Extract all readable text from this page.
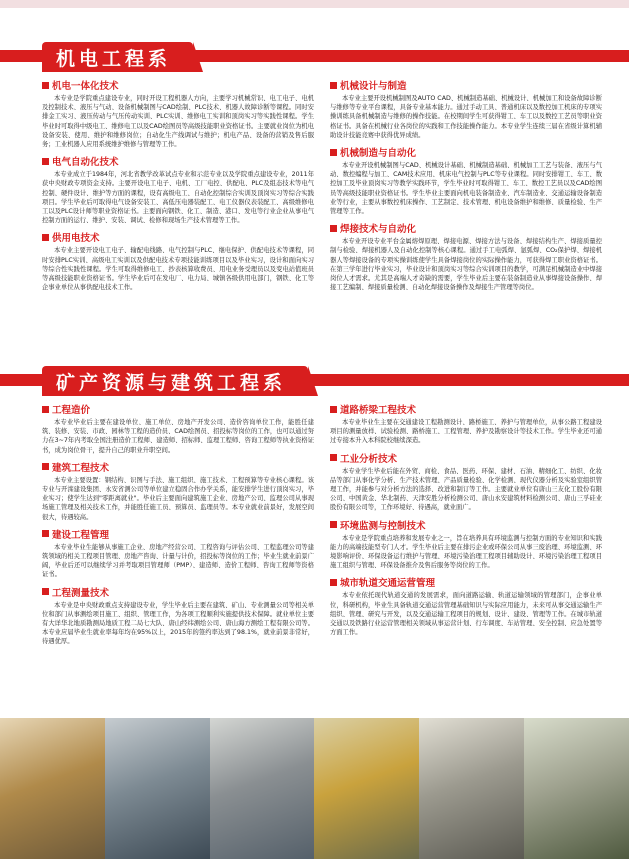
机电工程系
机电一体化技术

本专业是学院重点建设专业，同时开设工程机器人方向，主要学习机械常识、电工电子、电机及控制技术、液压与气动、设备机械制图与CAD绘制、PLC技术、机器人故障诊断等课程。同时安排金工实习、液压传动与气压传动实训、PLC实训、维修电工实训和顶岗实习等实践性课程。学生毕业时可取得中级电工、维修电工以及CAD绘图员等高级技能职业资格证书。主要就业岗位为机电设备安装、使用、维护和维修岗位；自动化生产线调试与维护；机电产品、设备的营销及售后服务；工业机器人应用系统维护维修与管理等工作。

电气自动化技术

本专业成立于1984年，河北省教学改革试点专业和示范专业以及学院重点建设专业，2011年获中央财政专项资金支持。主要开设电工电子、电机、工厂电控、供配电、PLC及组态技术等电气控制、硬件设计、维护等方面的课程，设有高级电工、自动化控制综合实训及顶岗实习等综合实践项目。学生毕业后可取得电气设备安装工、高低压电器装配工、电工仪器仪表装配工、高级维修电工以及PLC设计师等职业资格证书。主要面向钢铁、化工、制造、港口、发电等行业企业从事电气控制方面的运行、维护、安装、调试、检修和现场生产技术管理等工作。

供用电技术

本专业主要开设电工电子、输配电线路、电气控制与PLC、继电保护、供配电技术等课程，同时安排PLC实训、高级电工实训以及供配电技术专项技能训练项目以及毕业实习，设计和面向实习等综合性实践性课程。学生可取得维修电工、抄表核算收费员、用电业务受理员以及变电站值班员等高级技能职业资格证书。学生毕业后可在发电厂、电力局、城镇各级供用电部门，钢铁、化工等企事业单位从事供配电技术工作。

机械设计与制造

本专业主要开设机械制图及AUTO CAD、机械制造基础、机械设计、机械加工和设备故障诊断与维修等专业平台课程，具备专业基本能力。通过手动工具、普通机床以及数控加工机床的专项实操训练具备机械制造与维修的操作技能。在校期间学生可获得钳工、车工以及数控工艺员等职业资格证书。具备在机械行业各岗位的实践和工作技能操作能力。本专业学生连续三届在省级计算机辅助设计技能竞赛中获得优异成绩。

机械制造与自动化

本专业开设机械制图与CAD、机械设计基础、机械制造基础、机械加工工艺与装备、液压与气动、数控编程与加工、CAM技术应用、机床电气控制与PLC等专业课程。同时安排钳工、车工、数控加工及毕业顶岗实习等教学实践环节，学生毕业时可取得钳工、车工、数控工艺员以及CAD绘图员等高级技能职业资格证书。学生毕业主要面向机电装备制造业、汽车制造业、交通运输设备制造业等行业，主要从事数控机床操作、工艺制定、技术管理、机电设备维护和维修、质量检验、生产管理等工作。

焊接技术与自动化

本专业开设专业平台金属熔焊原理、焊接电源、焊接方法与设备、焊接结构生产、焊接质量控制与检验、焊接机器人及自动化控制等核心课程。通过手工电弧焊、氩弧焊、CO₂保护焊、焊接机器人等焊接设备的专项实操训练使学生具备焊接岗位的实际操作能力，可获得焊工职业资格证书。在第三学年进行毕业实习，毕业设计和顶岗实习等综合实训项目的教学，可满足机械制造业中焊接岗位人才需求。尤其是高端人才奇缺的需要，学生毕业后主要在装备制造业从事焊接设备操作、焊接工艺编制、焊接质量检测、自动化焊接设备操作及焊接生产管理等岗位。

矿产资源与建筑工程系
工程造价

本专业毕业后主要在建设单位、施工单位、房地产开发公司、造价咨询单位工作，能胜任建筑、装修、安装、市政、园林等工程的造价员、CAD绘图员、招投标等岗位的工作，也可以通过努力在3~7年内考取全国注册造价工程师、建造师、招标师、监理工程师、咨询工程师等执业资格证书，成为岗位骨干，提升自己的职业升职空间。

建筑工程技术

本专业主要设置：钢结构、识图与手法、施工组织、施工技术、工程预算等专业核心课程。该专业与开滦建设集团、永安省测公司等单位建立稳固合作办学关系，能安排学生进行顶岗实习，毕业实习；使学生达到"零距离就业"。毕业后主要面向建筑施工企业、房地产公司、监理公司从事现场施工管理及相关技术工作，并能胜任施工员、预算员、监理员等。本专业就业前景好，发展空间很大，待遇较高。

建设工程管理

本专业毕业生能够从事施工企业、房地产经营公司、工程咨询与评估公司、工程监理公司等建筑领域的相关工程项目管理、房地产咨询、计量与计价，招投标等岗位的工作；毕业生就业前景广阔，毕业后还可以继续学习并考取项目管理师（PMP）、建造师、造价工程师、咨询工程师等资格证书。

工程测量技术

本专业是中央财政重点支持建设专业，学生毕业后主要在建筑、矿山、专业测量公司等相关单位和部门从事测绘项目施工、组织、管理工作，为各项工程顺利实施提供技术保障。就业单位主要有大详华北地质勘测局地质工程二局七大队、唐山经纬测绘公司、唐山海方测绘工程有限公司等。本专业应届毕业生就业率每年均在95%以上，2015年的签约率达到了98.1%，就业前景非常好，待遇优厚。

道路桥梁工程技术

本专业毕业生主要在交通建设工程勘测设计、路桥施工、养护与管理单位，从事公路工程建设项目的测量放样、试验检测、路桥施工、工程管理、养护及勘察设计等技术工作。学生毕业还可通过专接本升入本科院校继续深造。

工业分析技术

本专业学生毕业后能在外贸、商检、食品、医药、环保、建材、石油、精细化工、纺织、化妆品等部门从事化学分析、生产技术管理、产品质量检验、化学检测、现代仪器分析及实验室组织管理工作，并能参与对分析方法的选择、改进和制订等工作。主要就业单位有唐山三友化工股份有限公司、中国黄金、华北制药、天津安胜分析检测公司、唐山永安建筑材料检测公司、唐山三孚硅业股份有限公司等，工作环境好、待遇高，就业面广。

环境监测与控制技术

本专业是学院重点培养和发展专业之一，旨在培养具有环境监测与控制方面的专业知识和实践能力的高端技能型专门人才。学生毕业后主要在排污企业或环保公司从事三废治理、环境监测、环境影响评价、环保设备运行维护与管理、环境污染治理工程项目辅助设计、环境污染治理工程项目施工组织与管理、环保设备推介及售后服务等岗位的工作。

城市轨道交通运营管理

本专业依托现代轨道交通的发展需求，面向道路运输、轨道运输领域的管理部门，企事业单位，科研机构，毕业生具备轨道交通运营管理基础知识与实际应用能力，未来可从事交通运输生产组织、管理、研究与开发，以及交通运输工程项目的规划、设计、建设、管理等工作。在城市轨道交通以及铁路行业运营管理相关领域从事运营计划、行车调度、车站管理、安全控制、应急处置等方面工作。
